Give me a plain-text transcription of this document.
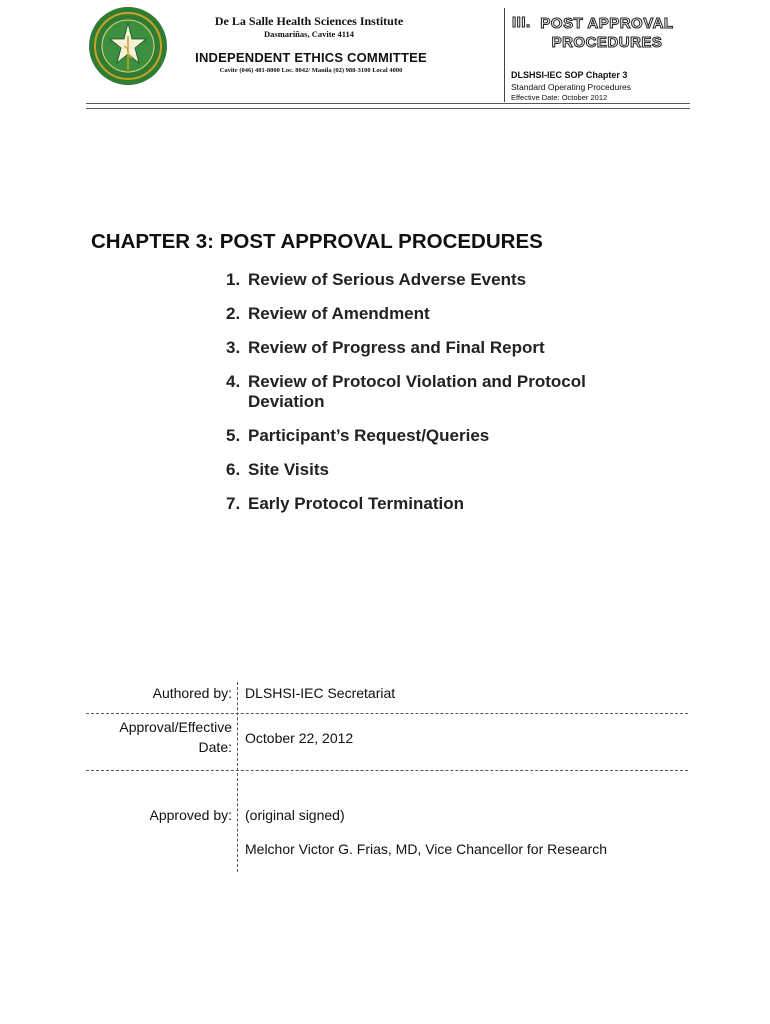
De La Salle Health Sciences Institute
Dasmariñas, Cavite 4114
INDEPENDENT ETHICS COMMITTEE
Cavite (046) 481-8000 Loc. 8042/ Manila (02) 988-3100 Local 4000
III. POST APPROVAL
PROCEDURES
DLSHSI-IEC SOP Chapter 3
Standard Operating Procedures
Effective Date: October 2012
CHAPTER 3: POST APPROVAL PROCEDURES
1. Review of Serious Adverse Events
2. Review of Amendment
3. Review of Progress and Final Report
4. Review of Protocol Violation and Protocol Deviation
5. Participant’s Request/Queries
6. Site Visits
7. Early Protocol Termination
Authored by: DLSHSI-IEC Secretariat
Approval/Effective
Date:
October 22, 2012
Approved by: (original signed)
Melchor Victor G. Frias, MD, Vice Chancellor for Research
